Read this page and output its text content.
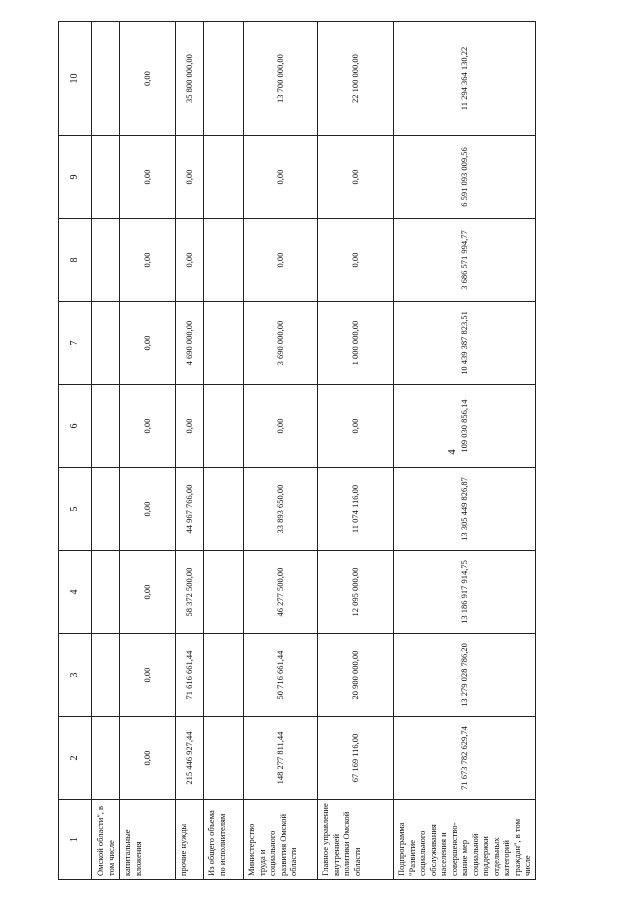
4
1	2	3	4	5	6	7	8	9	10
Омской области", в том числе									
капитальные вложения	0,00	0,00	0,00	0,00	0,00	0,00	0,00	0,00	0,00
прочие нужды	215 446 927,44	71 616 661,44	58 372 500,00	44 967 766,00	0,00	4 690 000,00	0,00	0,00	35 800 000,00
Из общего объема по исполнителям									
Министерство труда и социального развития Омской области	148 277 811,44	50 716 661,44	46 277 500,00	33 893 650,00	0,00	3 690 000,00	0,00	0,00	13 700 000,00
Главное управление внутренней политики Омской области	67 169 116,00	20 900 000,00	12 095 000,00	11 074 116,00	0,00	1 000 000,00	0,00	0,00	22 100 000,00
Подпрограмма "Развитие социального обслуживания населения и совершенство-вание мер социальной поддержки отдельных категорий граждан", в том числе	71 673 782 629,74	13 279 028 786,20	13 186 917 914,75	13 305 449 826,87	109 030 856,14	10 439 387 823,51	3 686 571 994,77	6 591 093 009,56	11 294 364 130,22
